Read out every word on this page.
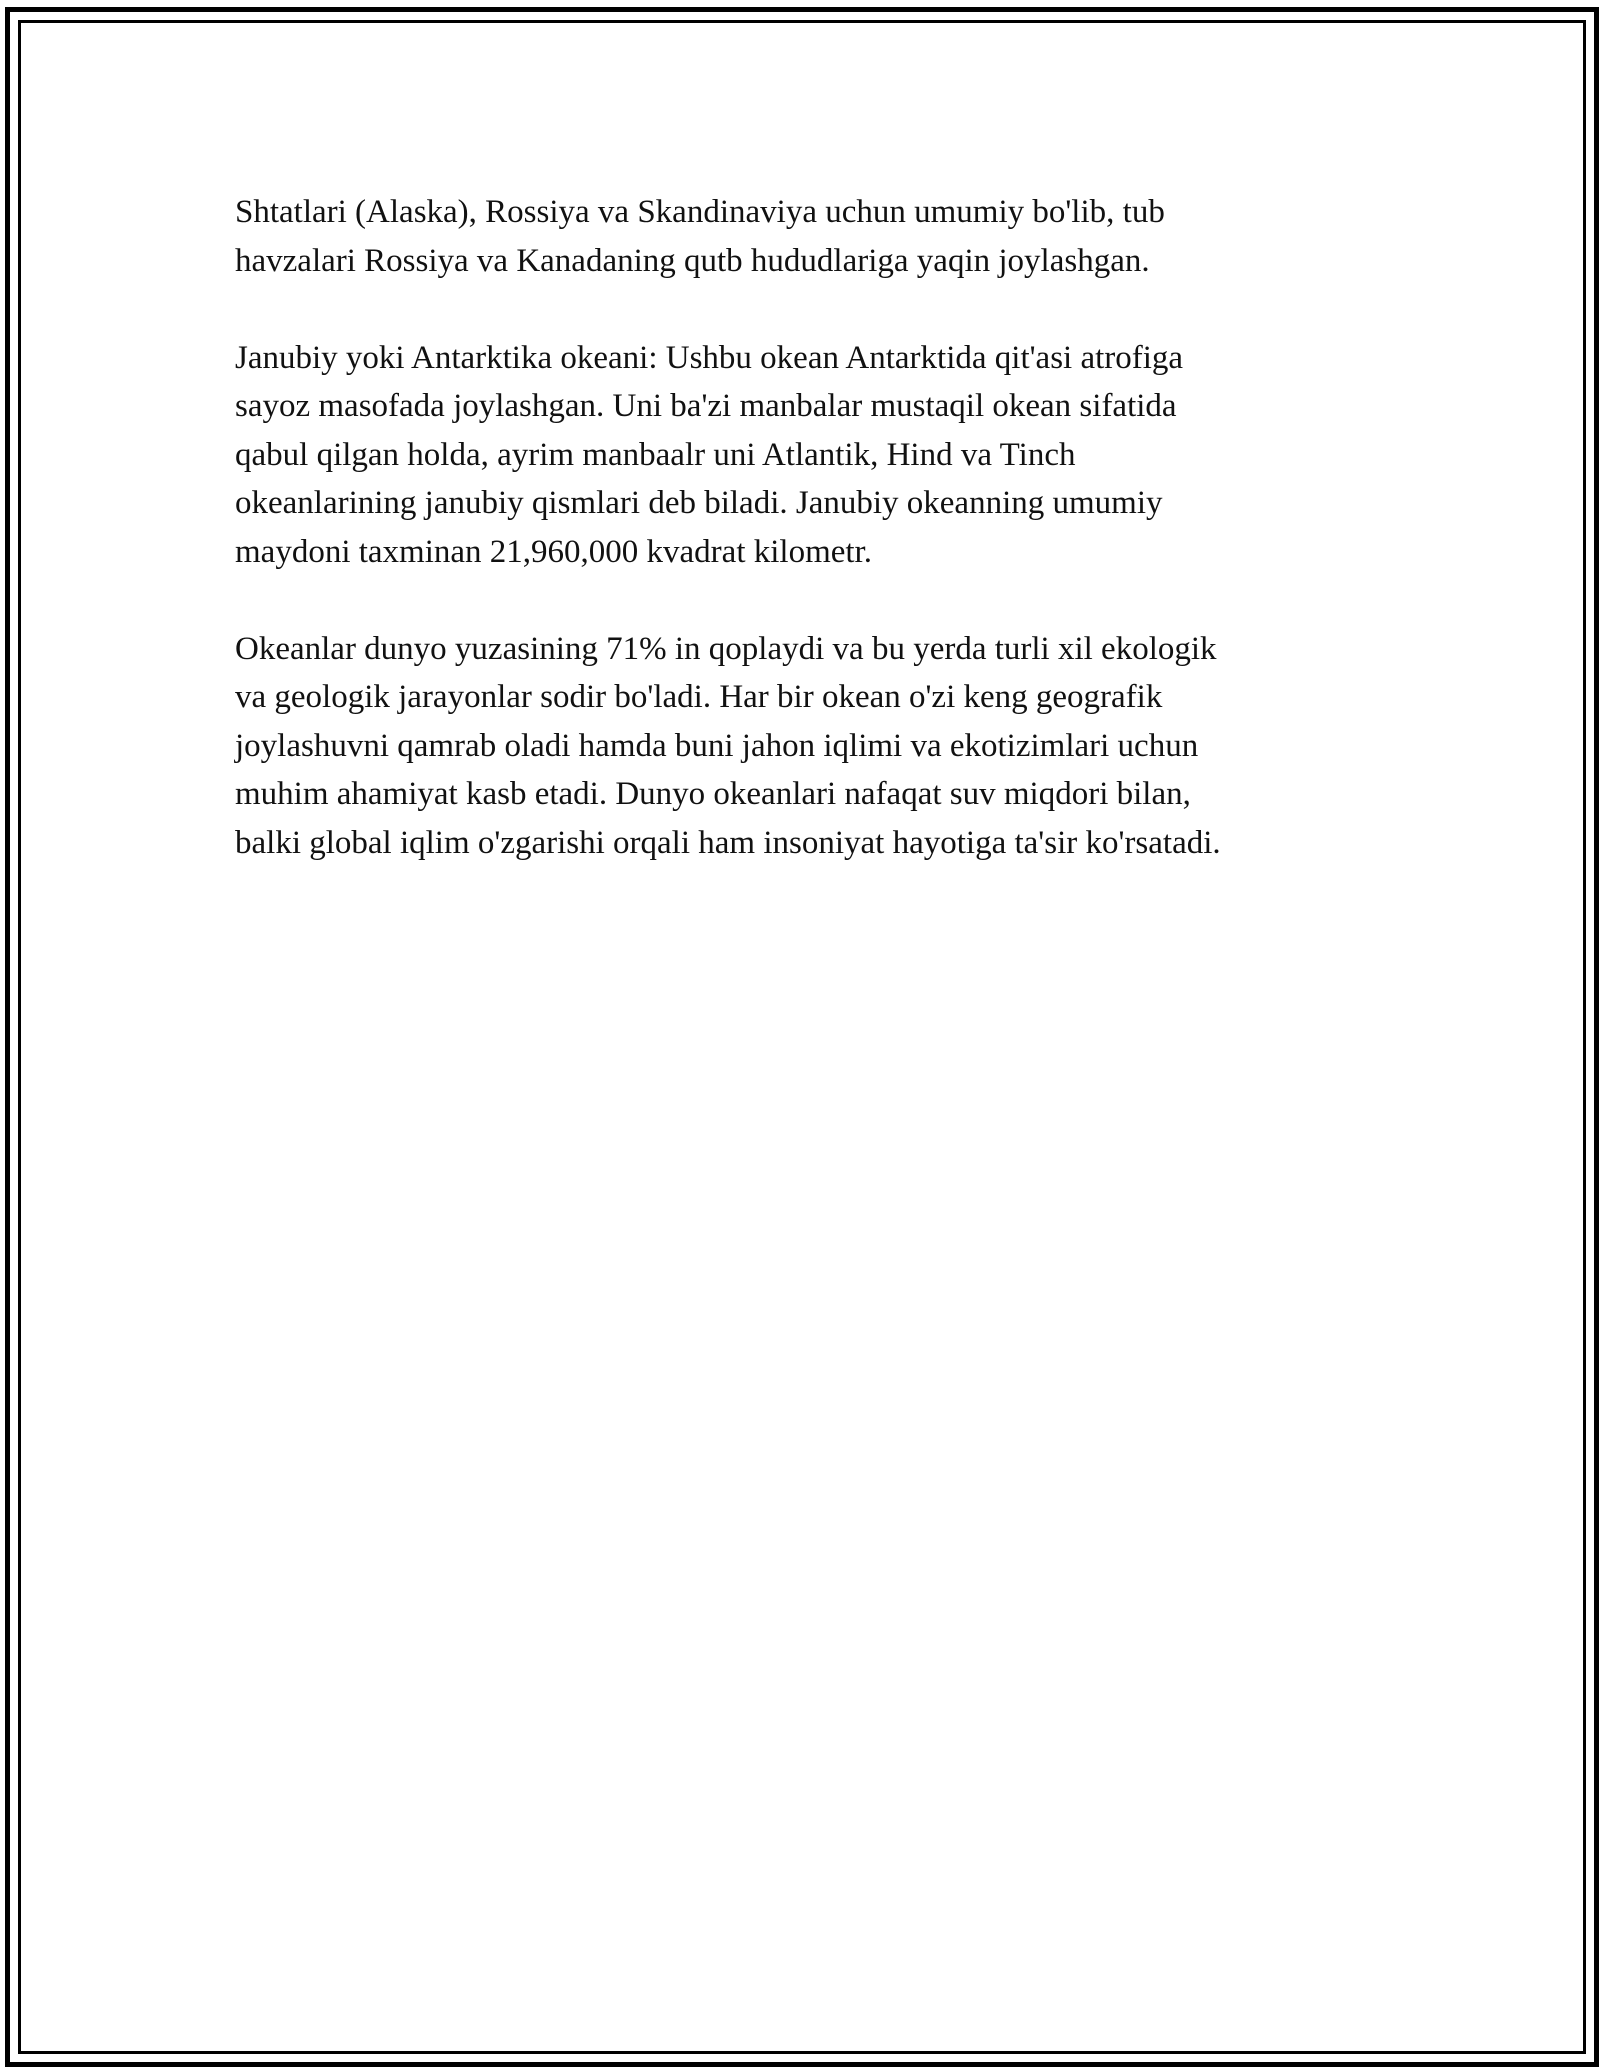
Shtatlari (Alaska), Rossiya va Skandinaviya uchun umumiy bo'lib, tub
havzalari Rossiya va Kanadaning qutb hududlariga yaqin joylashgan.

Janubiy yoki Antarktika okeani: Ushbu okean Antarktida qit'asi atrofiga
sayoz masofada joylashgan. Uni ba'zi manbalar mustaqil okean sifatida
qabul qilgan holda, ayrim manbaalr uni Atlantik, Hind va Tinch
okeanlarining janubiy qismlari deb biladi. Janubiy okeanning umumiy
maydoni taxminan 21,960,000 kvadrat kilometr.

Okeanlar dunyo yuzasining 71% in qoplaydi va bu yerda turli xil ekologik
va geologik jarayonlar sodir bo'ladi. Har bir okean o'zi keng geografik
joylashuvni qamrab oladi hamda buni jahon iqlimi va ekotizimlari uchun
muhim ahamiyat kasb etadi. Dunyo okeanlari nafaqat suv miqdori bilan,
balki global iqlim o'zgarishi orqali ham insoniyat hayotiga ta'sir ko'rsatadi.
